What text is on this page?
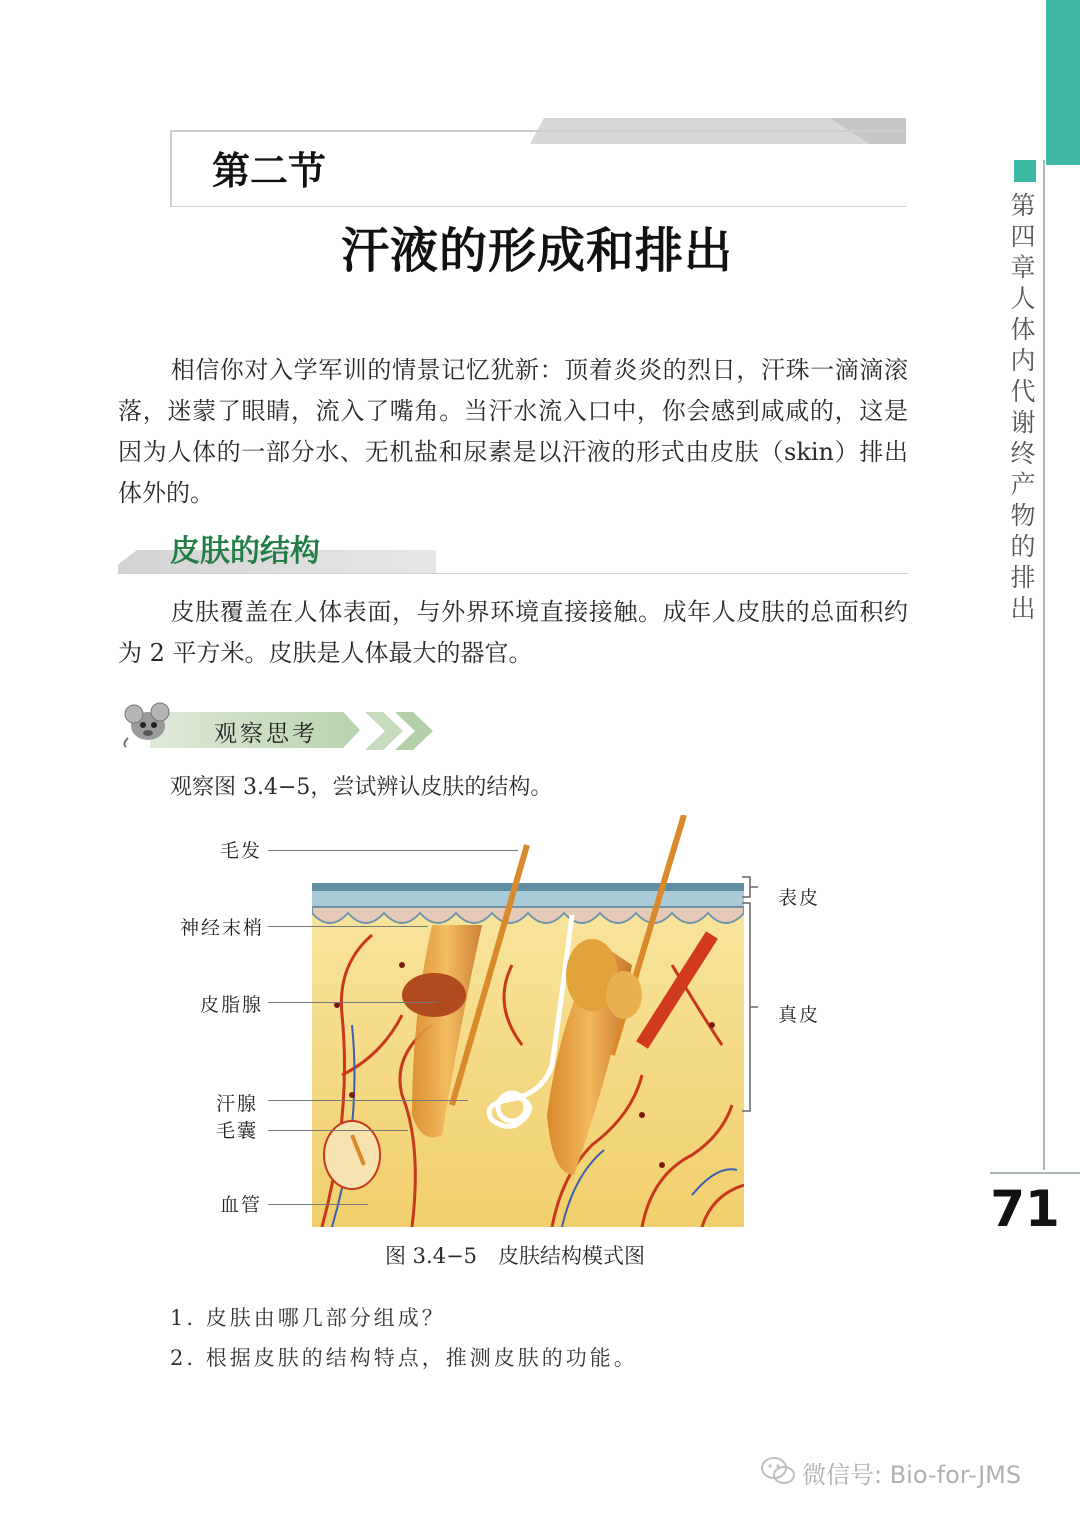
第四章 人体内代谢终产物的排出
71
第二节
汗液的形成和排出
相信你对入学军训的情景记忆犹新：顶着炎炎的烈日，汗珠一滴滴滚落，迷蒙了眼睛，流入了嘴角。当汗水流入口中，你会感到咸咸的，这是因为人体的一部分水、无机盐和尿素是以汗液的形式由皮肤（skin）排出体外的。
皮肤的结构
皮肤覆盖在人体表面，与外界环境直接接触。成年人皮肤的总面积约为 2 平方米。皮肤是人体最大的器官。
观察思考
观察图 3.4−5，尝试辨认皮肤的结构。
毛发
神经末梢
皮脂腺
汗腺
毛囊
血管
表皮
真皮
图 3.4−5　皮肤结构模式图
1. 皮肤由哪几部分组成？
2. 根据皮肤的结构特点，推测皮肤的功能。
微信号: Bio-for-JMS
